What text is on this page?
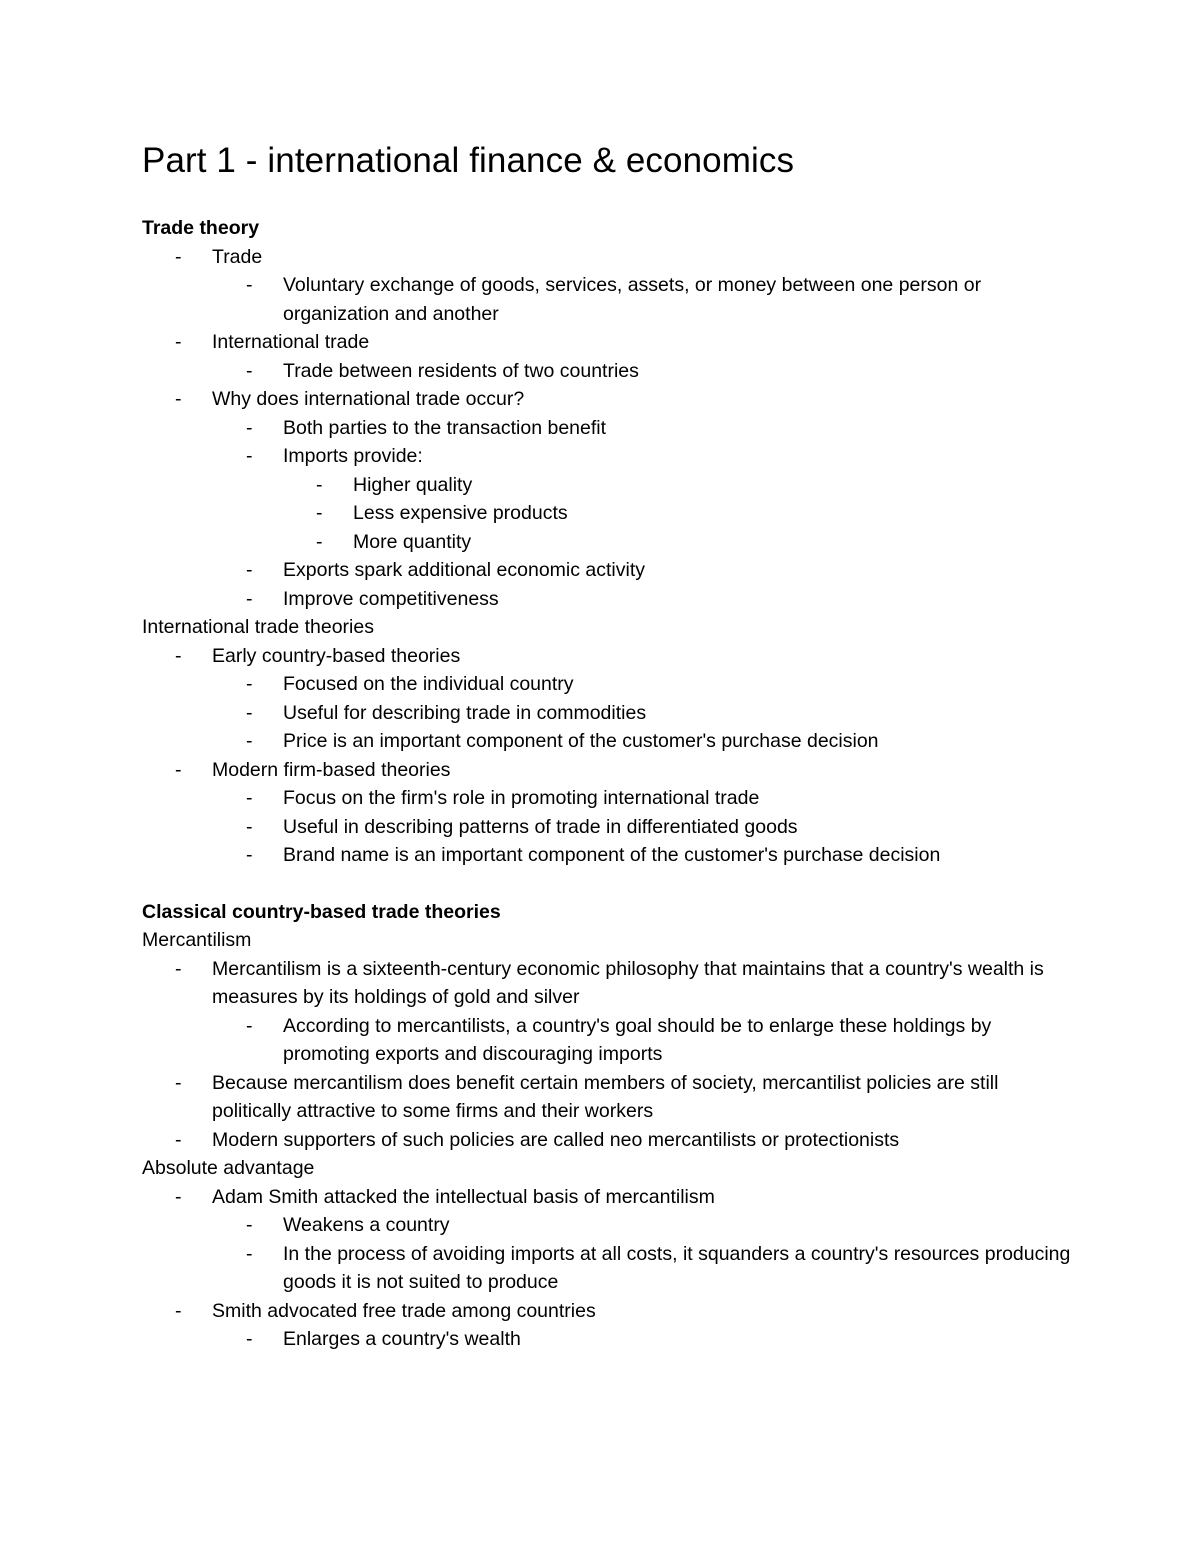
Part 1 - international finance & economics

Trade theory

-	Trade
-	Voluntary exchange of goods, services, assets, or money between one person or organization and another
-	International trade
-	Trade between residents of two countries
-	Why does international trade occur?
-	Both parties to the transaction benefit
-	Imports provide:
-	Higher quality
-	Less expensive products
-	More quantity
-	Exports spark additional economic activity
-	Improve competitiveness

International trade theories

-	Early country-based theories
-	Focused on the individual country
-	Useful for describing trade in commodities
-	Price is an important component of the customer's purchase decision
-	Modern firm-based theories
-	Focus on the firm's role in promoting international trade
-	Useful in describing patterns of trade in differentiated goods
-	Brand name is an important component of the customer's purchase decision

Classical country-based trade theories

Mercantilism

-	Mercantilism is a sixteenth-century economic philosophy that maintains that a country's wealth is measures by its holdings of gold and silver
-	According to mercantilists, a country's goal should be to enlarge these holdings by promoting exports and discouraging imports
-	Because mercantilism does benefit certain members of society, mercantilist policies are still politically attractive to some firms and their workers
-	Modern supporters of such policies are called neo mercantilists or protectionists

Absolute advantage

-	Adam Smith attacked the intellectual basis of mercantilism
-	Weakens a country
-	In the process of avoiding imports at all costs, it squanders a country's resources producing goods it is not suited to produce
-	Smith advocated free trade among countries
-	Enlarges a country's wealth
